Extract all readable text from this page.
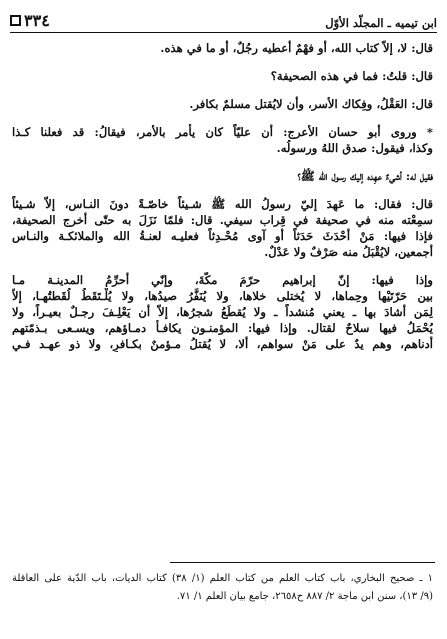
٣٣٤	ابن تيميه ـ المجلّد الأوّل
قال: لا، إلاّ كتاب الله، أو فهْمٌ أعطيه رجُلٌ، أو ما في هذه.
قال: قلتُ: فما في هذه الصحيفة؟
قال: العَقْلُ، وفِكاك الأسر، وأن لايُقتل مسلمٌ بكافر.
* وروى أبو حسان الأعرج: أن عليّاً كان يأمر بالأمر، فيقالُ: قد فعلنا كـذا
وكذا، فيقول: صدق اللهُ ورسولُه.
فقيل له: أشيءٌ عهِده إليك رسول الله ﷺ؟
قال: فقال: ما عَهِدَ إليّ رسولُ الله ﷺ شـيئاً خاصّـةً دونَ النـاس، إلاّ شـيئاً
سمِعْته منه في صحيفة في قِراب سيفي. قال: فلمّا نَزَلَ به حتّى أخرج الصحيفة،
فإذا فيها: مَنْ أحْدَثَ حَدَثاً أو آوى مُحْـدِثاً فعليـه لعنـةُ الله والملائكـة والنـاس
أجمعين، لايُقْبَلُ منه صَرْفٌ ولا عَدْلٌ.
وإذا فيها: إنّ إبراهيم حرّمَ مكّةَ، وإنّي أحرِّمُ المدينـة مـا
بين حَرّتَيْها وحِماها، لا يُختلى خلاها، ولا يُنَفَّرُ صيدُها، ولا يُلْـتَقَطُ لُقَطتُهـا، إلاّ
لِمَن أشادَ بها ـ يعني مُنشداً ـ ولا يُقطَعُ شجرُها، إلاّ أن يَعْلِـفَ رجـلٌ بعيـراً، ولا
يُحْمَلُ فيها سلاحٌ لقتال. وإذا فيها: المؤمنـون يكافـأ دمـاؤهم، ويسـعى بـذمّتهم
أدناهم، وهم يدٌ على مَنْ سواهم، ألا، لا يُقتلُ مـؤمنٌ بكـافرٍ، ولا ذو عهـد فـي
١ ـ صحيح البخاري، باب كتاب العلم من كتاب العلم (١/ ٣٨) كتاب الديات، باب الدّية على العاقلة
(٩/ ١٣)، سنن ابن ماجة ٢/ ٨٨٧ ح٢٦٥٨، جامع بيان العلم ١/ ٧١.
